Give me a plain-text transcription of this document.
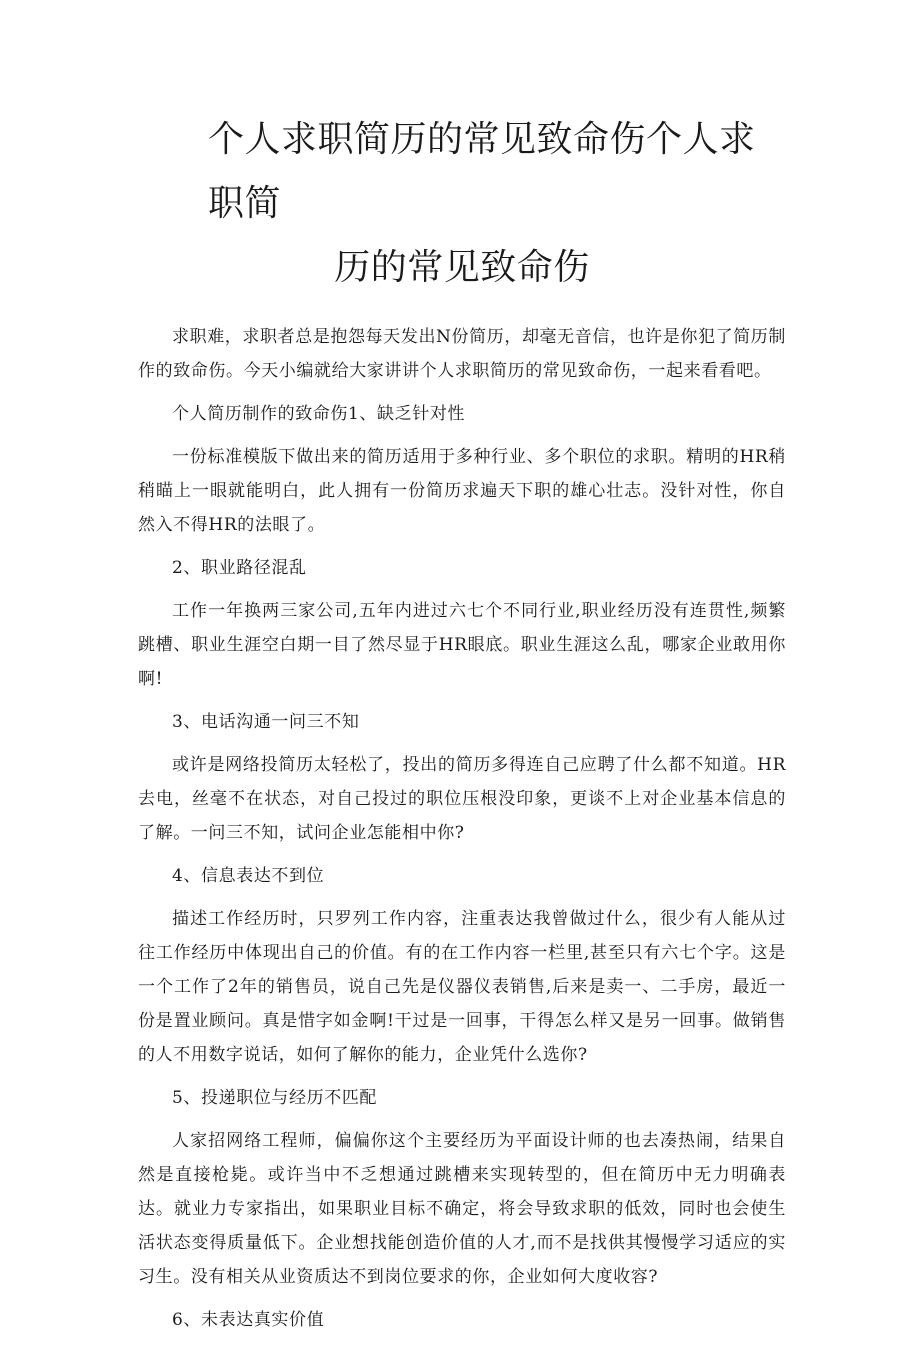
个人求职简历的常见致命伤个人求职简
历的常见致命伤

求职难，求职者总是抱怨每天发出N份简历，却毫无音信，也许是你犯了简历制作的致命伤。今天小编就给大家讲讲个人求职简历的常见致命伤，一起来看看吧。

个人简历制作的致命伤1、缺乏针对性

一份标准模版下做出来的简历适用于多种行业、多个职位的求职。精明的HR稍稍瞄上一眼就能明白，此人拥有一份简历求遍天下职的雄心壮志。没针对性，你自然入不得HR的法眼了。

2、职业路径混乱

工作一年换两三家公司,五年内进过六七个不同行业,职业经历没有连贯性,频繁跳槽、职业生涯空白期一目了然尽显于HR眼底。职业生涯这么乱，哪家企业敢用你啊!

3、电话沟通一问三不知

或许是网络投简历太轻松了，投出的简历多得连自己应聘了什么都不知道。HR去电，丝毫不在状态，对自己投过的职位压根没印象，更谈不上对企业基本信息的了解。一问三不知，试问企业怎能相中你?

4、信息表达不到位

描述工作经历时，只罗列工作内容，注重表达我曾做过什么，很少有人能从过往工作经历中体现出自己的价值。有的在工作内容一栏里,甚至只有六七个字。这是一个工作了2年的销售员，说自己先是仪器仪表销售,后来是卖一、二手房，最近一份是置业顾问。真是惜字如金啊!干过是一回事，干得怎么样又是另一回事。做销售的人不用数字说话，如何了解你的能力，企业凭什么选你?

5、投递职位与经历不匹配

人家招网络工程师，偏偏你这个主要经历为平面设计师的也去凑热闹，结果自然是直接枪毙。或许当中不乏想通过跳槽来实现转型的，但在简历中无力明确表达。就业力专家指出，如果职业目标不确定，将会导致求职的低效，同时也会使生活状态变得质量低下。企业想找能创造价值的人才,而不是找供其慢慢学习适应的实习生。没有相关从业资质达不到岗位要求的你，企业如何大度收容?

6、未表达真实价值
